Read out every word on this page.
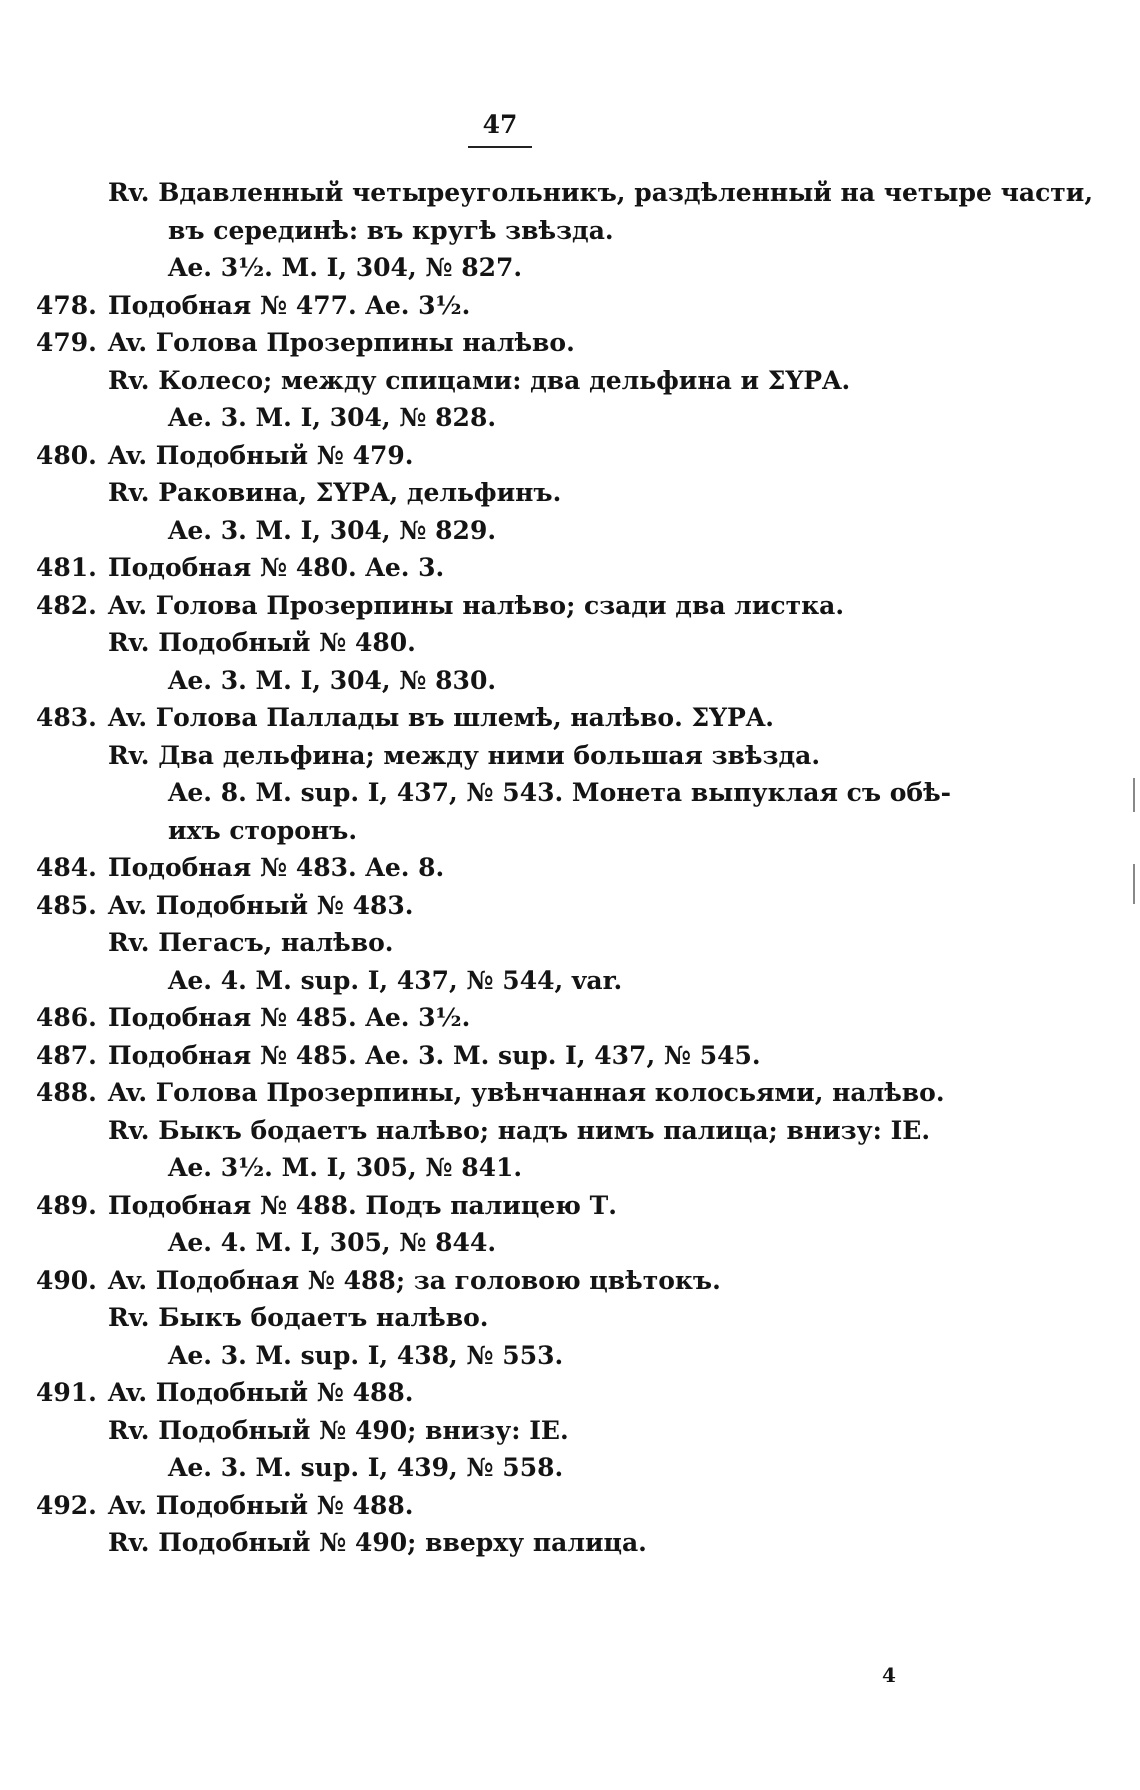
47
Rv. Вдавленный четыреугольникъ, раздѣленный на четыре части,
въ серединѣ: въ кругѣ звѣзда.
Ae. 3½. M. I, 304, № 827.
478. Подобная № 477. Ae. 3½.
479. Av. Голова Прозерпины налѣво.
Rv. Колесо; между спицами: два дельфина и ΣΥΡΑ.
Ae. 3. M. I, 304, № 828.
480. Av. Подобный № 479.
Rv. Раковина, ΣΥΡΑ, дельфинъ.
Ae. 3. M. I, 304, № 829.
481. Подобная № 480. Ae. 3.
482. Av. Голова Прозерпины налѣво; сзади два листка.
Rv. Подобный № 480.
Ae. 3. M. I, 304, № 830.
483. Av. Голова Паллады въ шлемѣ, налѣво. ΣΥΡΑ.
Rv. Два дельфина; между ними большая звѣзда.
Ae. 8. M. sup. I, 437, № 543. Монета выпуклая съ обѣ-
ихъ сторонъ.
484. Подобная № 483. Ae. 8.
485. Av. Подобный № 483.
Rv. Пегасъ, налѣво.
Ae. 4. M. sup. I, 437, № 544, var.
486. Подобная № 485. Ae. 3½.
487. Подобная № 485. Ae. 3. M. sup. I, 437, № 545.
488. Av. Голова Прозерпины, увѣнчанная колосьями, налѣво.
Rv. Быкъ бодаетъ налѣво; надъ нимъ палица; внизу: IE.
Ae. 3½. M. I, 305, № 841.
489. Подобная № 488. Подъ палицею Т.
Ae. 4. M. I, 305, № 844.
490. Av. Подобная № 488; за головою цвѣтокъ.
Rv. Быкъ бодаетъ налѣво.
Ae. 3. M. sup. I, 438, № 553.
491. Av. Подобный № 488.
Rv. Подобный № 490; внизу: IE.
Ae. 3. M. sup. I, 439, № 558.
492. Av. Подобный № 488.
Rv. Подобный № 490; вверху палица.
4
